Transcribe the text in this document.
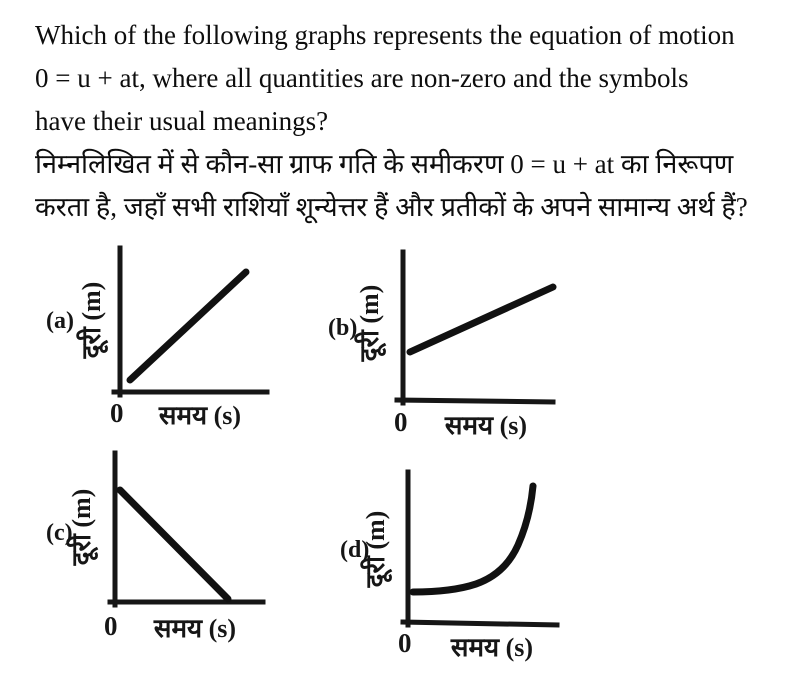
Which of the following graphs represents the equation of motion
0 = u + at, where all quantities are non-zero and the symbols
have their usual meanings?
निम्नलिखित में से कौन-सा ग्राफ गति के समीकरण 0 = u + at का निरूपण
करता है, जहाँ सभी राशियाँ शून्येत्तर हैं और प्रतीकों के अपने सामान्य अर्थ हैं?
(a) दूरी (m)
0 समय (s)
(b)
दूरी (m)
0 समय (s)
(c)
दूरी (m)
0 समय (s)
(d)
दूरी (m)
0 समय (s)
